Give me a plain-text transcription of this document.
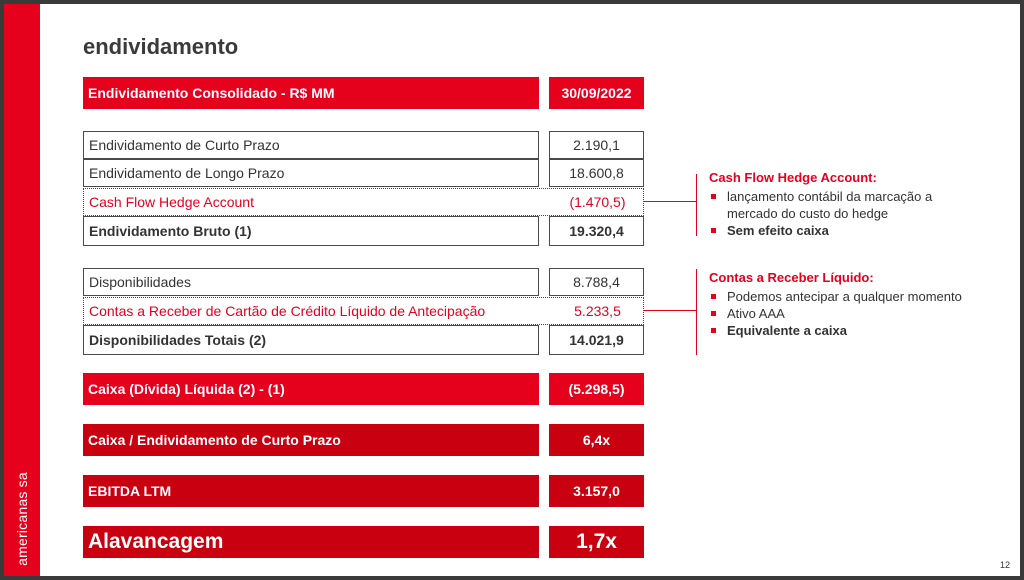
americanas sa
endividamento
Endividamento Consolidado - R$ MM	30/09/2022
Endividamento de Curto Prazo	2.190,1
Endividamento de Longo Prazo	18.600,8
Cash Flow Hedge Account	(1.470,5)
Endividamento Bruto (1)	19.320,4
Disponibilidades	8.788,4
Contas a Receber de Cartão de Crédito Líquido de Antecipação	5.233,5
Disponibilidades Totais (2)	14.021,9
Caixa (Dívida) Líquida (2) - (1)	(5.298,5)
Caixa / Endividamento de Curto Prazo	6,4x
EBITDA LTM	3.157,0
Alavancagem	1,7x
Cash Flow Hedge Account:
lançamento contábil da marcação a mercado do custo do hedge
Sem efeito caixa
Contas a Receber Líquido:
Podemos antecipar a qualquer momento
Ativo AAA
Equivalente a caixa
12
